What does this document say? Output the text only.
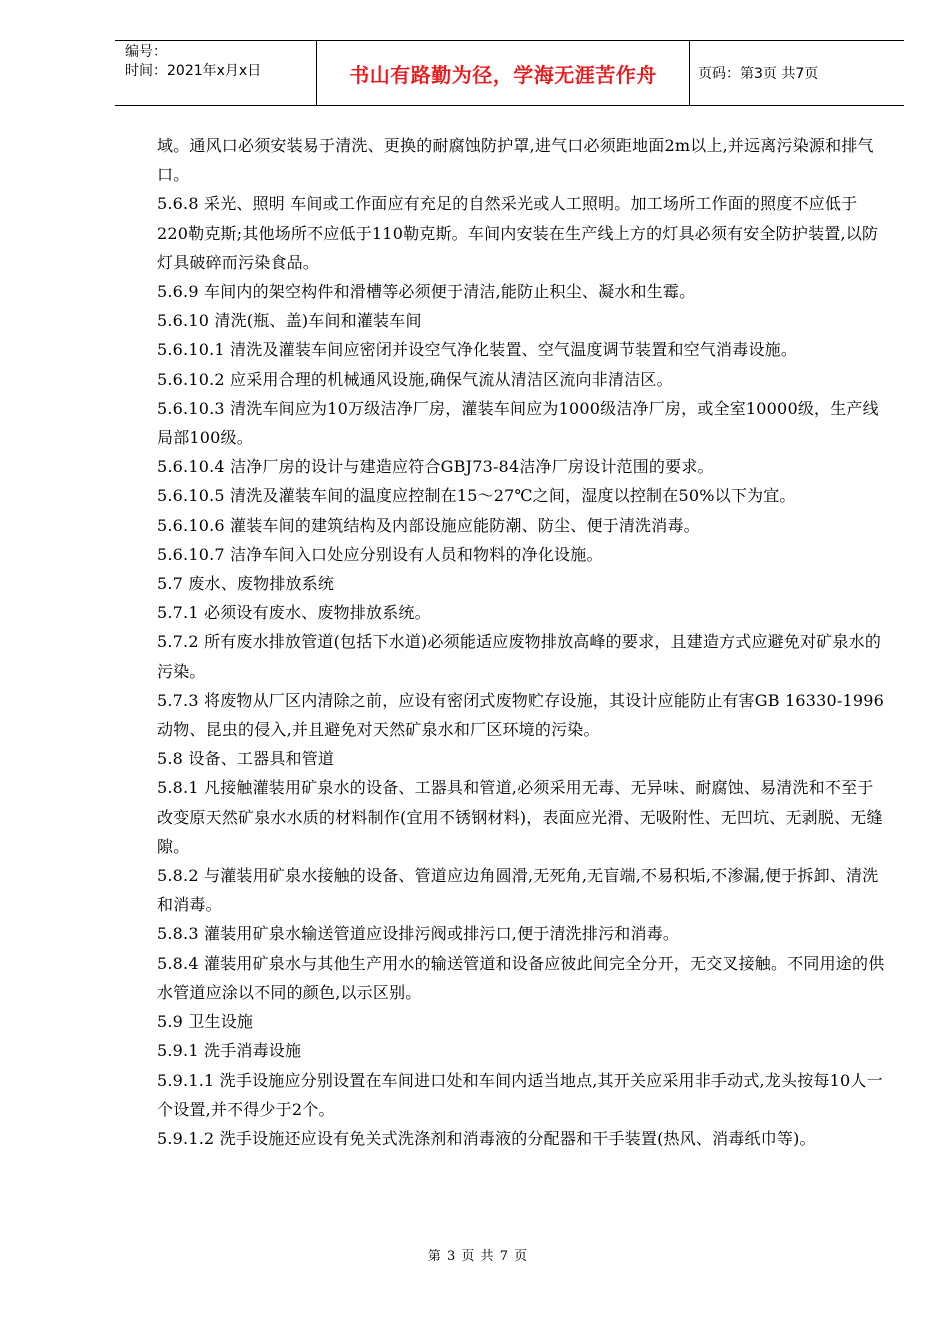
编号：
时间：2021年x月x日	书山有路勤为径，学海无涯苦作舟	页码：第3页 共7页

域。通风口必须安装易于清洗、更换的耐腐蚀防护罩,进气口必须距地面2m以上,并远离污染源和排气口。

5.6.8 采光、照明 车间或工作面应有充足的自然采光或人工照明。加工场所工作面的照度不应低于220勒克斯;其他场所不应低于110勒克斯。车间内安装在生产线上方的灯具必须有安全防护装置,以防灯具破碎而污染食品。

5.6.9 车间内的架空构件和滑槽等必须便于清洁,能防止积尘、凝水和生霉。

5.6.10 清洗(瓶、盖)车间和灌装车间

5.6.10.1 清洗及灌装车间应密闭并设空气净化装置、空气温度调节装置和空气消毒设施。

5.6.10.2 应采用合理的机械通风设施,确保气流从清洁区流向非清洁区。

5.6.10.3 清洗车间应为10万级洁净厂房，灌装车间应为1000级洁净厂房，或全室10000级，生产线局部100级。

5.6.10.4 洁净厂房的设计与建造应符合GBJ73-84洁净厂房设计范围的要求。

5.6.10.5 清洗及灌装车间的温度应控制在15～27℃之间，湿度以控制在50%以下为宜。

5.6.10.6 灌装车间的建筑结构及内部设施应能防潮、防尘、便于清洗消毒。

5.6.10.7 洁净车间入口处应分别设有人员和物料的净化设施。

5.7 废水、废物排放系统

5.7.1 必须设有废水、废物排放系统。

5.7.2 所有废水排放管道(包括下水道)必须能适应废物排放高峰的要求，且建造方式应避免对矿泉水的污染。

5.7.3 将废物从厂区内清除之前，应设有密闭式废物贮存设施，其设计应能防止有害GB 16330-1996 动物、昆虫的侵入,并且避免对天然矿泉水和厂区环境的污染。

5.8 设备、工器具和管道

5.8.1 凡接触灌装用矿泉水的设备、工器具和管道,必须采用无毒、无异味、耐腐蚀、易清洗和不至于改变原天然矿泉水水质的材料制作(宜用不锈钢材料)，表面应光滑、无吸附性、无凹坑、无剥脱、无缝隙。

5.8.2 与灌装用矿泉水接触的设备、管道应边角圆滑,无死角,无盲端,不易积垢,不渗漏,便于拆卸、清洗和消毒。

5.8.3 灌装用矿泉水输送管道应设排污阀或排污口,便于清洗排污和消毒。

5.8.4 灌装用矿泉水与其他生产用水的输送管道和设备应彼此间完全分开，无交叉接触。不同用途的供水管道应涂以不同的颜色,以示区别。

5.9 卫生设施

5.9.1 洗手消毒设施

5.9.1.1 洗手设施应分别设置在车间进口处和车间内适当地点,其开关应采用非手动式,龙头按每10人一个设置,并不得少于2个。

5.9.1.2 洗手设施还应设有免关式洗涤剂和消毒液的分配器和干手装置(热风、消毒纸巾等)。

第 3 页 共 7 页
